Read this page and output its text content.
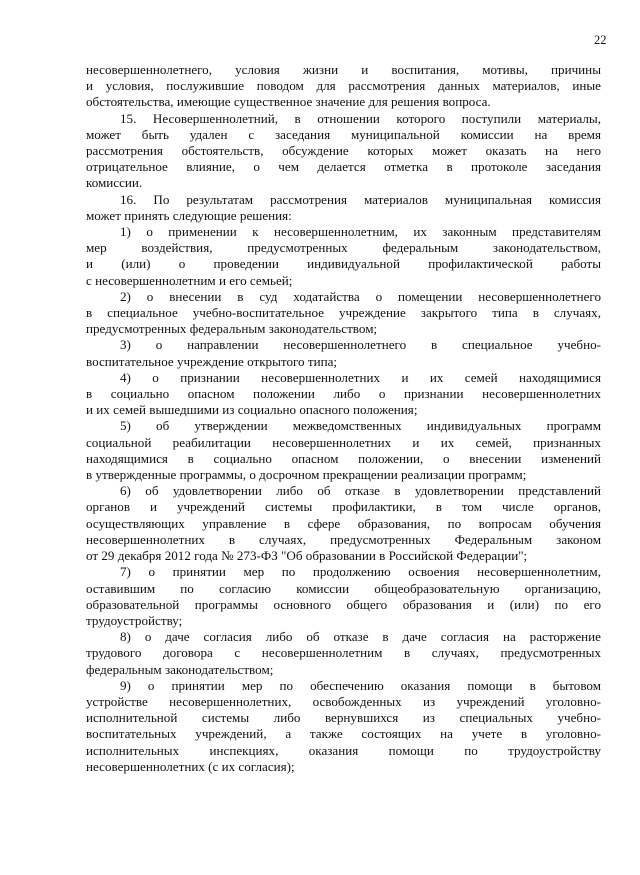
22
несовершеннолетнего, условия жизни и воспитания, мотивы, причины
и условия, послужившие поводом для рассмотрения данных материалов, иные
обстоятельства, имеющие существенное значение для решения вопроса.
15. Несовершеннолетний, в отношении которого поступили материалы,
может быть удален с заседания муниципальной комиссии на время
рассмотрения обстоятельств, обсуждение которых может оказать на него
отрицательное влияние, о чем делается отметка в протоколе заседания
комиссии.
16. По результатам рассмотрения материалов муниципальная комиссия
может принять следующие решения:
1) о применении к несовершеннолетним, их законным представителям
мер воздействия, предусмотренных федеральным законодательством,
и (или) о проведении индивидуальной профилактической работы
с несовершеннолетним и его семьей;
2) о внесении в суд ходатайства о помещении несовершеннолетнего
в специальное учебно-воспитательное учреждение закрытого типа в случаях,
предусмотренных федеральным законодательством;
3) о направлении несовершеннолетнего в специальное учебно-
воспитательное учреждение открытого типа;
4) о признании несовершеннолетних и их семей находящимися
в социально опасном положении либо о признании несовершеннолетних
и их семей вышедшими из социально опасного положения;
5) об утверждении межведомственных индивидуальных программ
социальной реабилитации несовершеннолетних и их семей, признанных
находящимися в социально опасном положении, о внесении изменений
в утвержденные программы, о досрочном прекращении реализации программ;
6) об удовлетворении либо об отказе в удовлетворении представлений
органов и учреждений системы профилактики, в том числе органов,
осуществляющих управление в сфере образования, по вопросам обучения
несовершеннолетних в случаях, предусмотренных Федеральным законом
от 29 декабря 2012 года № 273-ФЗ "Об образовании в Российской Федерации";
7) о принятии мер по продолжению освоения несовершеннолетним,
оставившим по согласию комиссии общеобразовательную организацию,
образовательной программы основного общего образования и (или) по его
трудоустройству;
8) о даче согласия либо об отказе в даче согласия на расторжение
трудового договора с несовершеннолетним в случаях, предусмотренных
федеральным законодательством;
9) о принятии мер по обеспечению оказания помощи в бытовом
устройстве несовершеннолетних, освобожденных из учреждений уголовно-
исполнительной системы либо вернувшихся из специальных учебно-
воспитательных учреждений, а также состоящих на учете в уголовно-
исполнительных инспекциях, оказания помощи по трудоустройству
несовершеннолетних (с их согласия);
